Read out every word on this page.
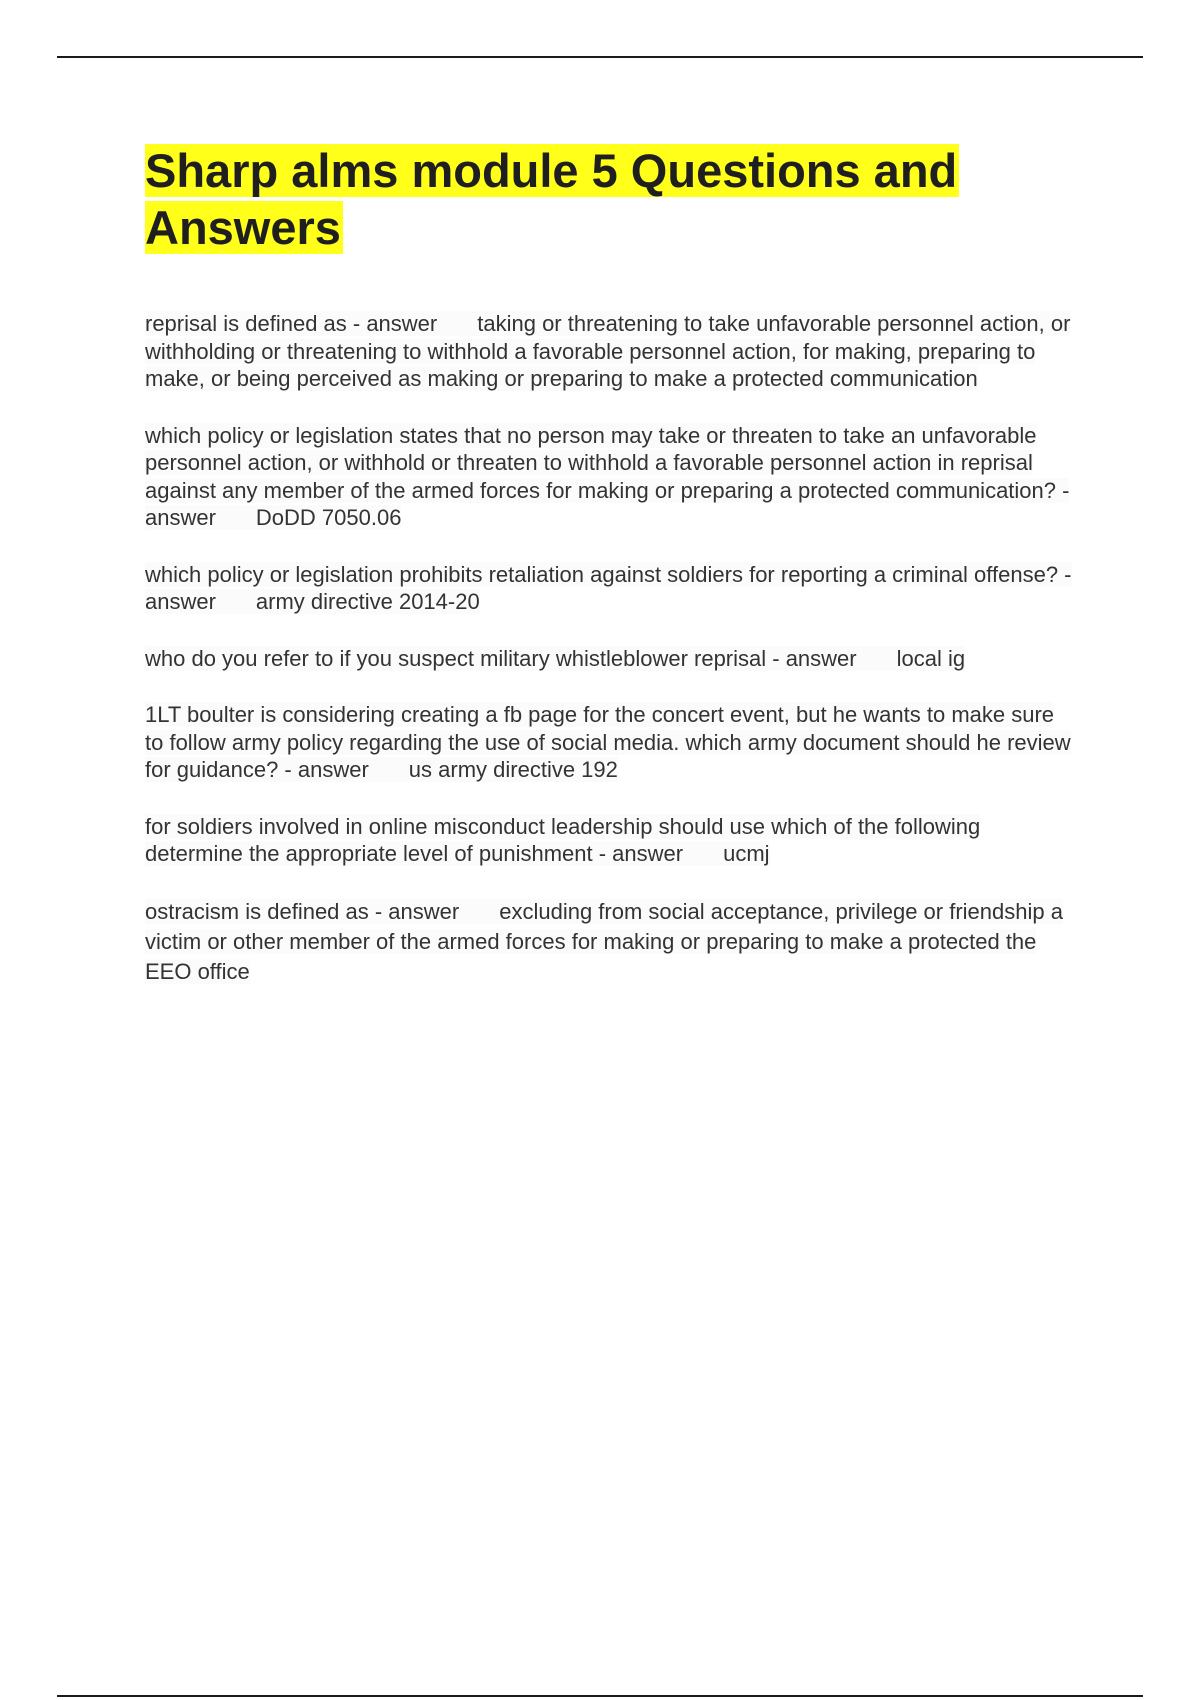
Sharp alms module 5 Questions and Answers

reprisal is defined as - answer taking or threatening to take unfavorable personnel action, or withholding or threatening to withhold a favorable personnel action, for making, preparing to make, or being perceived as making or preparing to make a protected communication

which policy or legislation states that no person may take or threaten to take an unfavorable personnel action, or withhold or threaten to withhold a favorable personnel action in reprisal against any member of the armed forces for making or preparing a protected communication? - answer DoDD 7050.06

which policy or legislation prohibits retaliation against soldiers for reporting a criminal offense? - answer army directive 2014-20

who do you refer to if you suspect military whistleblower reprisal - answer local ig

1LT boulter is considering creating a fb page for the concert event, but he wants to make sure to follow army policy regarding the use of social media. which army document should he review for guidance? - answer us army directive 192

for soldiers involved in online misconduct leadership should use which of the following determine the appropriate level of punishment - answer ucmj

ostracism is defined as - answer excluding from social acceptance, privilege or friendship a victim or other member of the armed forces for making or preparing to make a protected the EEO office
